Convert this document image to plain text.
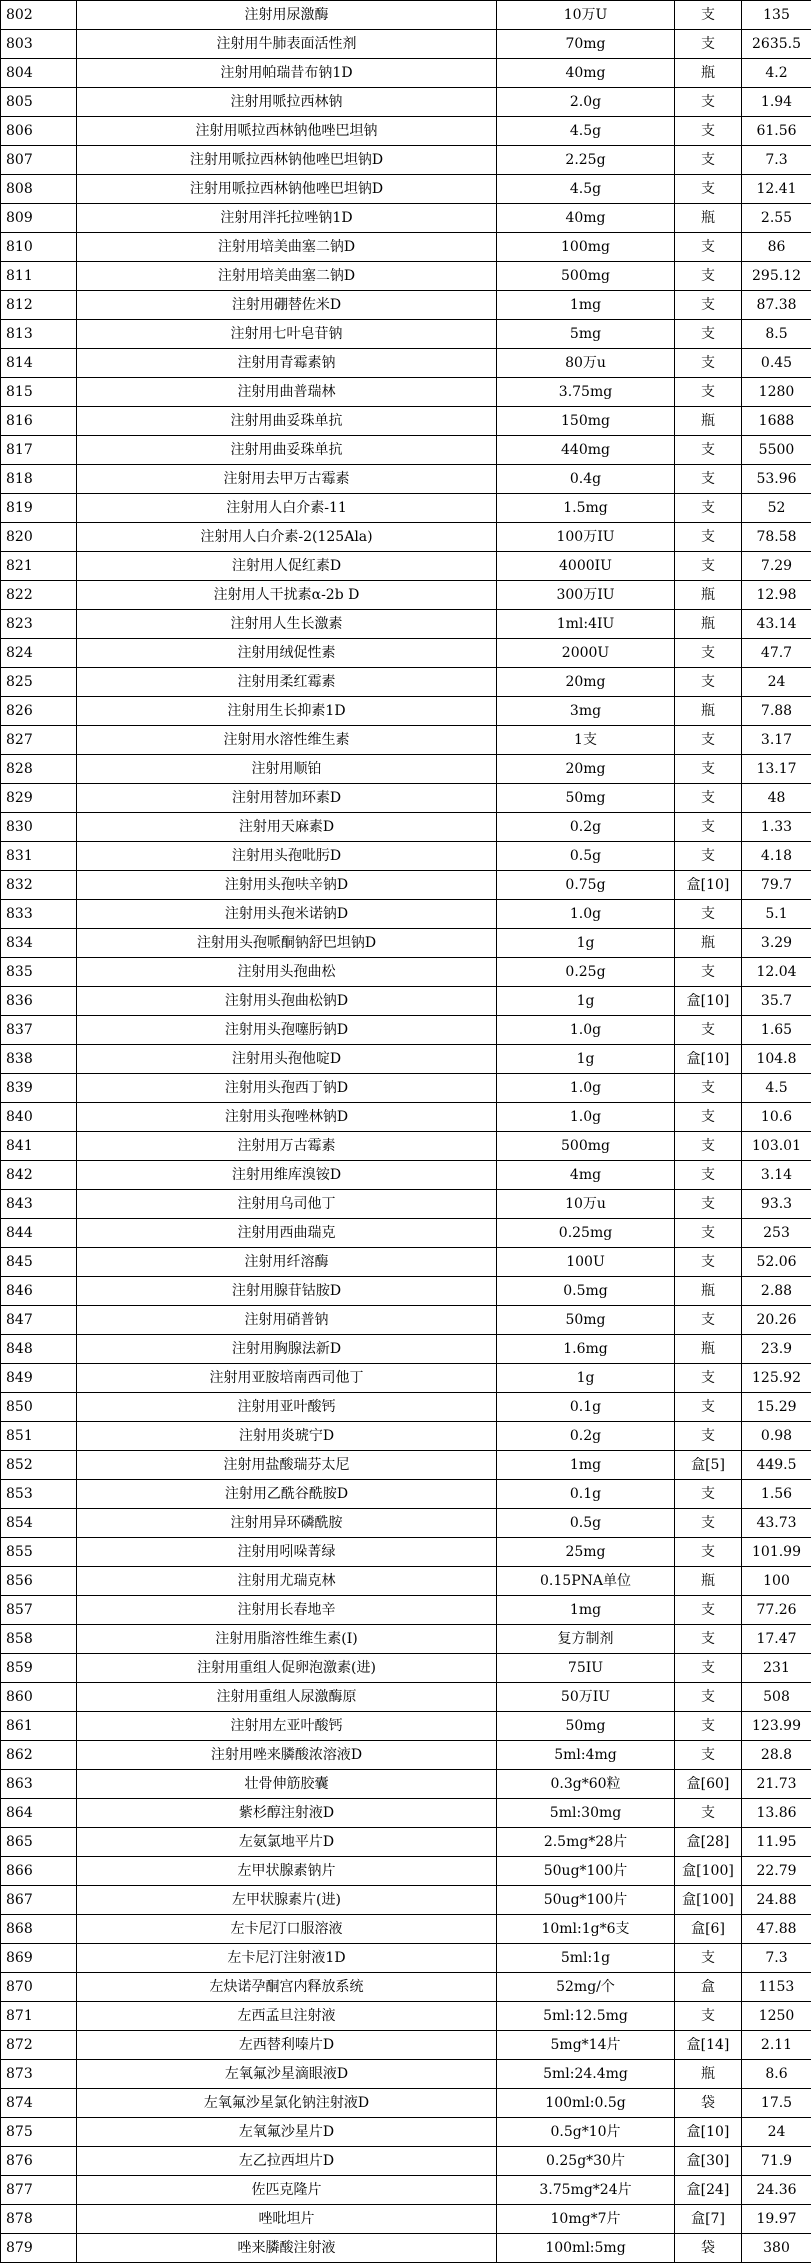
802	注射用尿激酶	10万U	支	135
803	注射用牛肺表面活性剂	70mg	支	2635.5
804	注射用帕瑞昔布钠1D	40mg	瓶	4.2
805	注射用哌拉西林钠	2.0g	支	1.94
806	注射用哌拉西林钠他唑巴坦钠	4.5g	支	61.56
807	注射用哌拉西林钠他唑巴坦钠D	2.25g	支	7.3
808	注射用哌拉西林钠他唑巴坦钠D	4.5g	支	12.41
809	注射用泮托拉唑钠1D	40mg	瓶	2.55
810	注射用培美曲塞二钠D	100mg	支	86
811	注射用培美曲塞二钠D	500mg	支	295.12
812	注射用硼替佐米D	1mg	支	87.38
813	注射用七叶皂苷钠	5mg	支	8.5
814	注射用青霉素钠	80万u	支	0.45
815	注射用曲普瑞林	3.75mg	支	1280
816	注射用曲妥珠单抗	150mg	瓶	1688
817	注射用曲妥珠单抗	440mg	支	5500
818	注射用去甲万古霉素	0.4g	支	53.96
819	注射用人白介素-11	1.5mg	支	52
820	注射用人白介素-2(125Ala)	100万IU	支	78.58
821	注射用人促红素D	4000IU	支	7.29
822	注射用人干扰素α-2b D	300万IU	瓶	12.98
823	注射用人生长激素	1ml:4IU	瓶	43.14
824	注射用绒促性素	2000U	支	47.7
825	注射用柔红霉素	20mg	支	24
826	注射用生长抑素1D	3mg	瓶	7.88
827	注射用水溶性维生素	1支	支	3.17
828	注射用顺铂	20mg	支	13.17
829	注射用替加环素D	50mg	支	48
830	注射用天麻素D	0.2g	支	1.33
831	注射用头孢吡肟D	0.5g	支	4.18
832	注射用头孢呋辛钠D	0.75g	盒[10]	79.7
833	注射用头孢米诺钠D	1.0g	支	5.1
834	注射用头孢哌酮钠舒巴坦钠D	1g	瓶	3.29
835	注射用头孢曲松	0.25g	支	12.04
836	注射用头孢曲松钠D	1g	盒[10]	35.7
837	注射用头孢噻肟钠D	1.0g	支	1.65
838	注射用头孢他啶D	1g	盒[10]	104.8
839	注射用头孢西丁钠D	1.0g	支	4.5
840	注射用头孢唑林钠D	1.0g	支	10.6
841	注射用万古霉素	500mg	支	103.01
842	注射用维库溴铵D	4mg	支	3.14
843	注射用乌司他丁	10万u	支	93.3
844	注射用西曲瑞克	0.25mg	支	253
845	注射用纤溶酶	100U	支	52.06
846	注射用腺苷钴胺D	0.5mg	瓶	2.88
847	注射用硝普钠	50mg	支	20.26
848	注射用胸腺法新D	1.6mg	瓶	23.9
849	注射用亚胺培南西司他丁	1g	支	125.92
850	注射用亚叶酸钙	0.1g	支	15.29
851	注射用炎琥宁D	0.2g	支	0.98
852	注射用盐酸瑞芬太尼	1mg	盒[5]	449.5
853	注射用乙酰谷酰胺D	0.1g	支	1.56
854	注射用异环磷酰胺	0.5g	支	43.73
855	注射用吲哚菁绿	25mg	支	101.99
856	注射用尤瑞克林	0.15PNA单位	瓶	100
857	注射用长春地辛	1mg	支	77.26
858	注射用脂溶性维生素(I)	复方制剂	支	17.47
859	注射用重组人促卵泡激素(进)	75IU	支	231
860	注射用重组人尿激酶原	50万IU	支	508
861	注射用左亚叶酸钙	50mg	支	123.99
862	注射用唑来膦酸浓溶液D	5ml:4mg	支	28.8
863	壮骨伸筋胶囊	0.3g*60粒	盒[60]	21.73
864	紫杉醇注射液D	5ml:30mg	支	13.86
865	左氨氯地平片D	2.5mg*28片	盒[28]	11.95
866	左甲状腺素钠片	50ug*100片	盒[100]	22.79
867	左甲状腺素片(进)	50ug*100片	盒[100]	24.88
868	左卡尼汀口服溶液	10ml:1g*6支	盒[6]	47.88
869	左卡尼汀注射液1D	5ml:1g	支	7.3
870	左炔诺孕酮宫内释放系统	52mg/个	盒	1153
871	左西孟旦注射液	5ml:12.5mg	支	1250
872	左西替利嗪片D	5mg*14片	盒[14]	2.11
873	左氧氟沙星滴眼液D	5ml:24.4mg	瓶	8.6
874	左氧氟沙星氯化钠注射液D	100ml:0.5g	袋	17.5
875	左氧氟沙星片D	0.5g*10片	盒[10]	24
876	左乙拉西坦片D	0.25g*30片	盒[30]	71.9
877	佐匹克隆片	3.75mg*24片	盒[24]	24.36
878	唑吡坦片	10mg*7片	盒[7]	19.97
879	唑来膦酸注射液	100ml:5mg	袋	380
